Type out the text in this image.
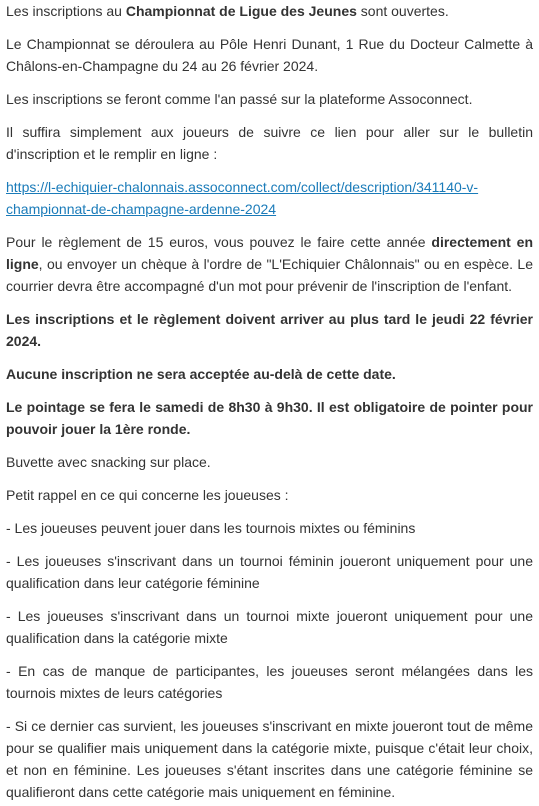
Les inscriptions au Championnat de Ligue des Jeunes sont ouvertes.

Le Championnat se déroulera au Pôle Henri Dunant, 1 Rue du Docteur Calmette à Châlons-en-Champagne du 24 au 26 février 2024.

Les inscriptions se feront comme l'an passé sur la plateforme Assoconnect.

Il suffira simplement aux joueurs de suivre ce lien pour aller sur le bulletin d'inscription et le remplir en ligne :

https://l-echiquier-chalonnais.assoconnect.com/collect/description/341140-v-
championnat-de-champagne-ardenne-2024

Pour le règlement de 15 euros, vous pouvez le faire cette année directement en ligne, ou envoyer un chèque à l'ordre de "L'Echiquier Châlonnais" ou en espèce. Le courrier devra être accompagné d'un mot pour prévenir de l'inscription de l'enfant.

Les inscriptions et le règlement doivent arriver au plus tard le jeudi 22 février 2024.

Aucune inscription ne sera acceptée au-delà de cette date.

Le pointage se fera le samedi de 8h30 à 9h30. Il est obligatoire de pointer pour pouvoir jouer la 1ère ronde.

Buvette avec snacking sur place.

Petit rappel en ce qui concerne les joueuses :

- Les joueuses peuvent jouer dans les tournois mixtes ou féminins

- Les joueuses s'inscrivant dans un tournoi féminin joueront uniquement pour une qualification dans leur catégorie féminine

- Les joueuses s'inscrivant dans un tournoi mixte joueront uniquement pour une qualification dans la catégorie mixte

- En cas de manque de participantes, les joueuses seront mélangées dans les tournois mixtes de leurs catégories

- Si ce dernier cas survient, les joueuses s'inscrivant en mixte joueront tout de même pour se qualifier mais uniquement dans la catégorie mixte, puisque c'était leur choix, et non en féminine. Les joueuses s'étant inscrites dans une catégorie féminine se qualifieront dans cette catégorie mais uniquement en féminine.
